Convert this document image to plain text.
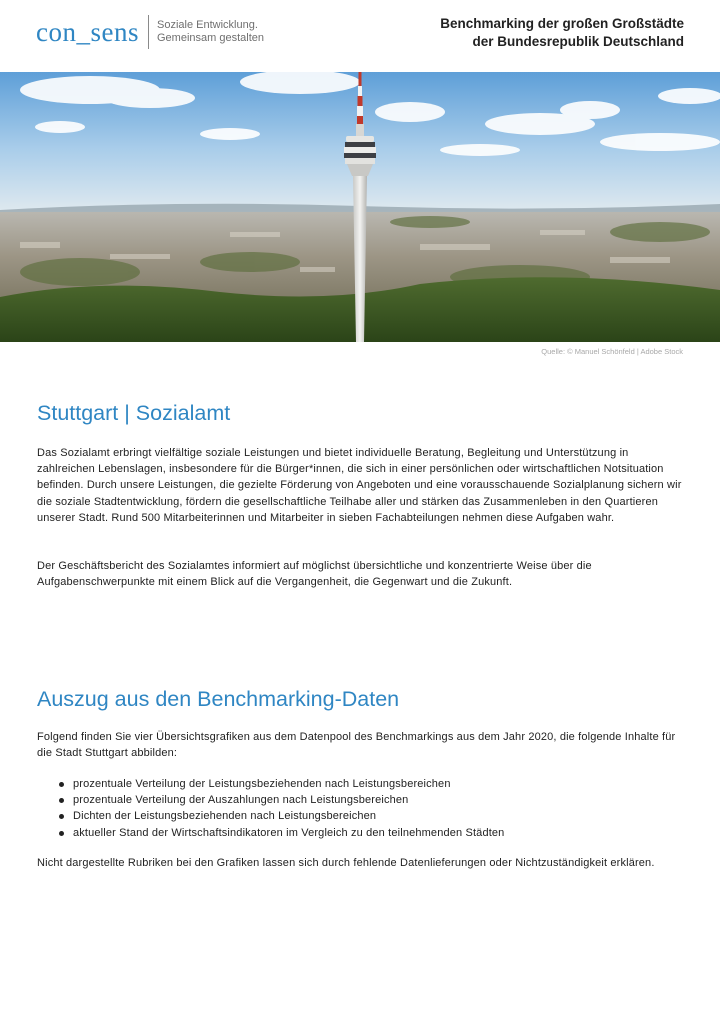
con_sens Soziale Entwicklung.
Gemeinsam gestalten
Benchmarking der großen Großstädte
der Bundesrepublik Deutschland
Quelle: © Manuel Schönfeld | Adobe Stock
Stuttgart | Sozialamt

Das Sozialamt erbringt vielfältige soziale Leistungen und bietet individuelle Beratung, Begleitung und Unterstützung in zahlreichen Lebenslagen, insbesondere für die Bürger*innen, die sich in einer persönlichen oder wirtschaftlichen Notsituation befinden. Durch unsere Leistungen, die gezielte Förderung von Angeboten und eine vorausschauende Sozialplanung sichern wir die soziale Stadtentwicklung, fördern die gesellschaftliche Teilhabe aller und stärken das Zusammenleben in den Quartieren unserer Stadt. Rund 500 Mitarbeiterinnen und Mitarbeiter in sieben Fachabteilungen nehmen diese Aufgaben wahr.

Der Geschäftsbericht des Sozialamtes informiert auf möglichst übersichtliche und konzentrierte Weise über die Aufgabenschwerpunkte mit einem Blick auf die Vergangenheit, die Gegenwart und die Zukunft.

Auszug aus den Benchmarking-Daten

Folgend finden Sie vier Übersichtsgrafiken aus dem Datenpool des Benchmarkings aus dem Jahr 2020, die folgende Inhalte für die Stadt Stuttgart abbilden:

prozentuale Verteilung der Leistungsbeziehenden nach Leistungsbereichen
prozentuale Verteilung der Auszahlungen nach Leistungsbereichen
Dichten der Leistungsbeziehenden nach Leistungsbereichen
aktueller Stand der Wirtschaftsindikatoren im Vergleich zu den teilnehmenden Städten

Nicht dargestellte Rubriken bei den Grafiken lassen sich durch fehlende Datenlieferungen oder Nichtzuständigkeit erklären.
